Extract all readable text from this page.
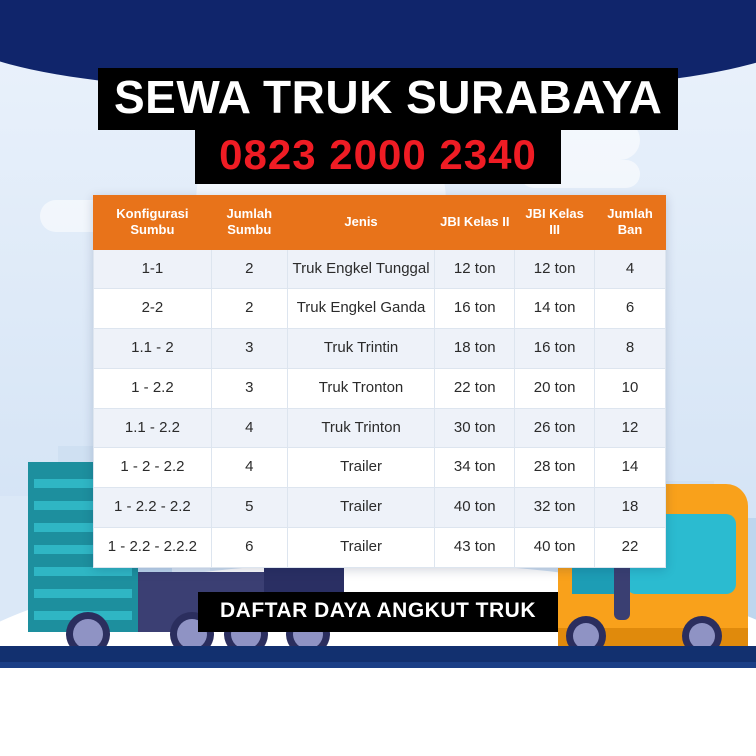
SEWA TRUK SURABAYA
0823 2000 2340
Konfigurasi Sumbu	Jumlah Sumbu	Jenis	JBI Kelas II	JBI Kelas III	Jumlah Ban
1-1	2	Truk Engkel Tunggal	12 ton	12 ton	4
2-2	2	Truk Engkel Ganda	16 ton	14 ton	6
1.1 - 2	3	Truk Trintin	18 ton	16 ton	8
1 - 2.2	3	Truk Tronton	22 ton	20 ton	10
1.1 - 2.2	4	Truk Trinton	30 ton	26 ton	12
1 - 2 - 2.2	4	Trailer	34 ton	28 ton	14
1 - 2.2 - 2.2	5	Trailer	40 ton	32 ton	18
1 - 2.2 - 2.2.2	6	Trailer	43 ton	40 ton	22
DAFTAR DAYA ANGKUT TRUK
